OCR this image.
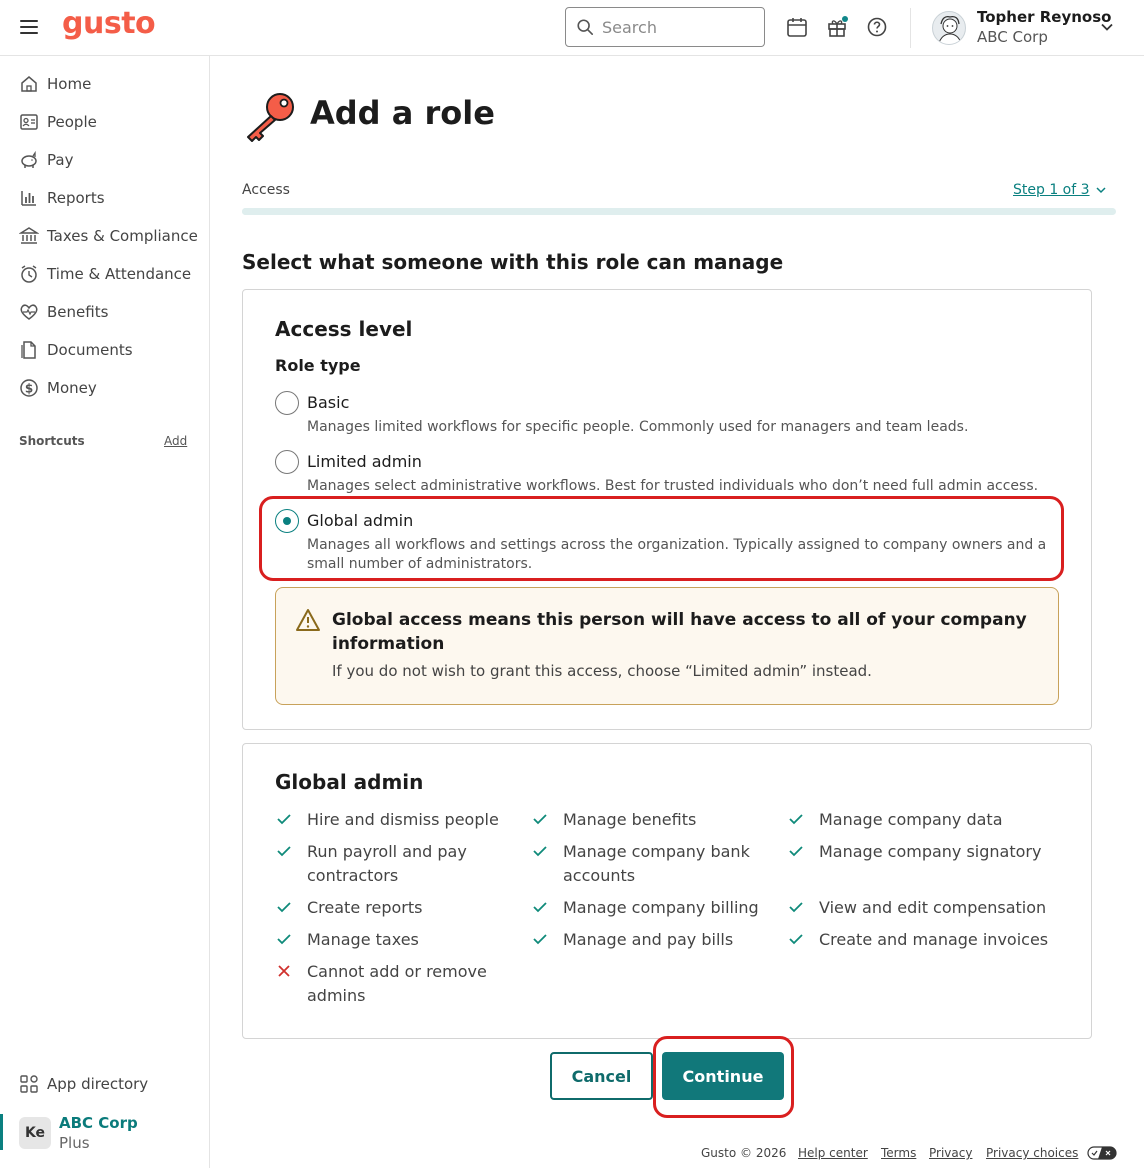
gusto
Search	Topher Reynoso
ABC Corp
Home
People
Pay
Reports
Taxes & Compliance
Time & Attendance
Benefits
Documents
$ Money
Shortcuts	Add
App directory
Ke
ABC Corp
Plus
Add a role
Access	Step 1 of 3
Select what someone with this role can manage
Access level
Role type
Basic
Manages limited workflows for specific people. Commonly used for managers and team leads.
Limited admin
Manages select administrative workflows. Best for trusted individuals who don’t need full admin access.
Global admin
Manages all workflows and settings across the organization. Typically assigned to company owners and a small number of administrators.
Global access means this person will have access to all of your company information
If you do not wish to grant this access, choose “Limited admin” instead.
Global admin
Hire and dismiss people
Run payroll and pay contractors
Create reports
Manage taxes
Cannot add or remove admins
Manage benefits
Manage company bank accounts
Manage company billing
Manage and pay bills
Manage company data
Manage company signatory
View and edit compensation
Create and manage invoices
Cancel	Continue
Gusto © 2026 Help center Terms Privacy Privacy choices
